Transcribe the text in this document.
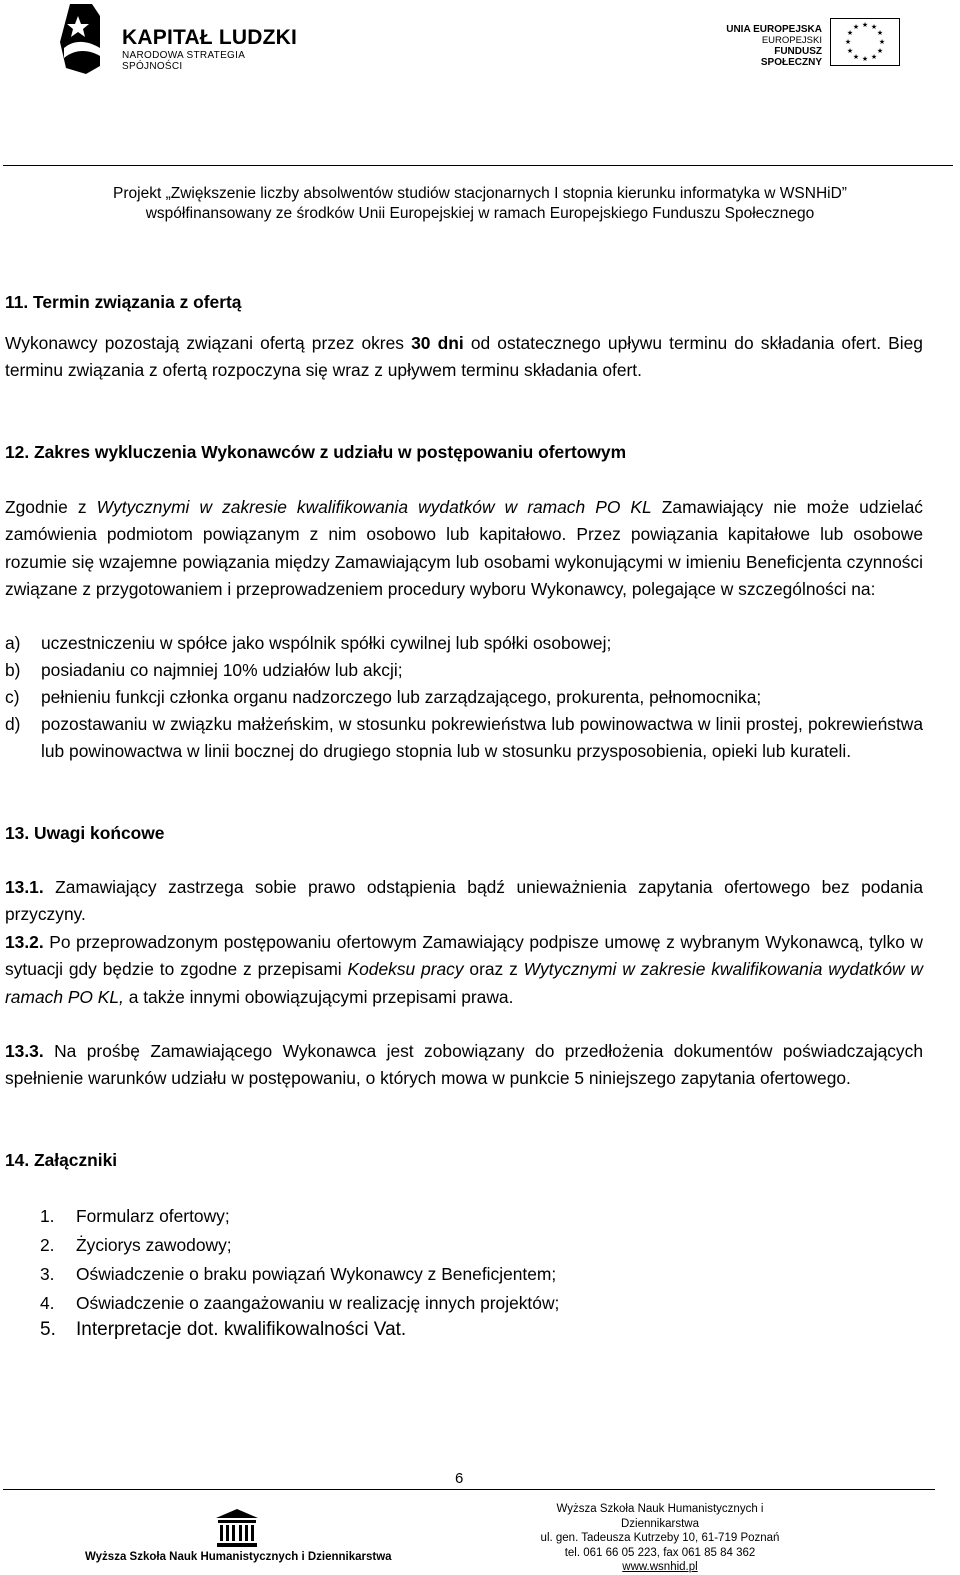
KAPITAŁ LUDZKI
NARODOWA STRATEGIA SPÓJNOŚCI
UNIA EUROPEJSKA
EUROPEJSKI
FUNDUSZ SPOŁECZNY
★ ★
★
★
★
★
★
★
★
★
★
★
Projekt „Zwiększenie liczby absolwentów studiów stacjonarnych I stopnia kierunku informatyka w WSNHiD”
współfinansowany ze środków Unii Europejskiej w ramach Europejskiego Funduszu Społecznego
11. Termin związania z ofertą
Wykonawcy pozostają związani ofertą przez okres 30 dni od ostatecznego upływu terminu do składania ofert. Bieg terminu związania z ofertą rozpoczyna się wraz z upływem terminu składania ofert.
12. Zakres wykluczenia Wykonawców z udziału w postępowaniu ofertowym
Zgodnie z Wytycznymi w zakresie kwalifikowania wydatków w ramach PO KL Zamawiający nie może udzielać zamówienia podmiotom powiązanym z nim osobowo lub kapitałowo. Przez powiązania kapitałowe lub osobowe rozumie się wzajemne powiązania między Zamawiającym lub osobami wykonującymi w imieniu Beneficjenta czynności związane z przygotowaniem i przeprowadzeniem procedury wyboru Wykonawcy, polegające w szczególności na:
a)	uczestniczeniu w spółce jako wspólnik spółki cywilnej lub spółki osobowej;
b)	posiadaniu co najmniej 10% udziałów lub akcji;
c)	pełnieniu funkcji członka organu nadzorczego lub zarządzającego, prokurenta, pełnomocnika;
d)	pozostawaniu w związku małżeńskim, w stosunku pokrewieństwa lub powinowactwa w linii prostej, pokrewieństwa lub powinowactwa w linii bocznej do drugiego stopnia lub w stosunku przysposobienia, opieki lub kurateli.
13. Uwagi końcowe
13.1. Zamawiający zastrzega sobie prawo odstąpienia bądź unieważnienia zapytania ofertowego bez podania przyczyny.
13.2. Po przeprowadzonym postępowaniu ofertowym Zamawiający podpisze umowę z wybranym Wykonawcą, tylko w sytuacji gdy będzie to zgodne z przepisami Kodeksu pracy oraz z Wytycznymi w zakresie kwalifikowania wydatków w ramach PO KL, a także innymi obowiązującymi przepisami prawa.
13.3. Na prośbę Zamawiającego Wykonawca jest zobowiązany do przedłożenia dokumentów poświadczających spełnienie warunków udziału w postępowaniu, o których mowa w punkcie 5 niniejszego zapytania ofertowego.
14. Załączniki
1. Formularz ofertowy;
2. Życiorys zawodowy;
3. Oświadczenie o braku powiązań Wykonawcy z Beneficjentem;
4. Oświadczenie o zaangażowaniu w realizację innych projektów;
5. Interpretacje dot. kwalifikowalności Vat.
6
Wyższa Szkoła Nauk Humanistycznych i Dziennikarstwa
Wyższa Szkoła Nauk Humanistycznych i Dziennikarstwa
ul. gen. Tadeusza Kutrzeby 10, 61-719 Poznań
tel. 061 66 05 223, fax 061 85 84 362
www.wsnhid.pl
